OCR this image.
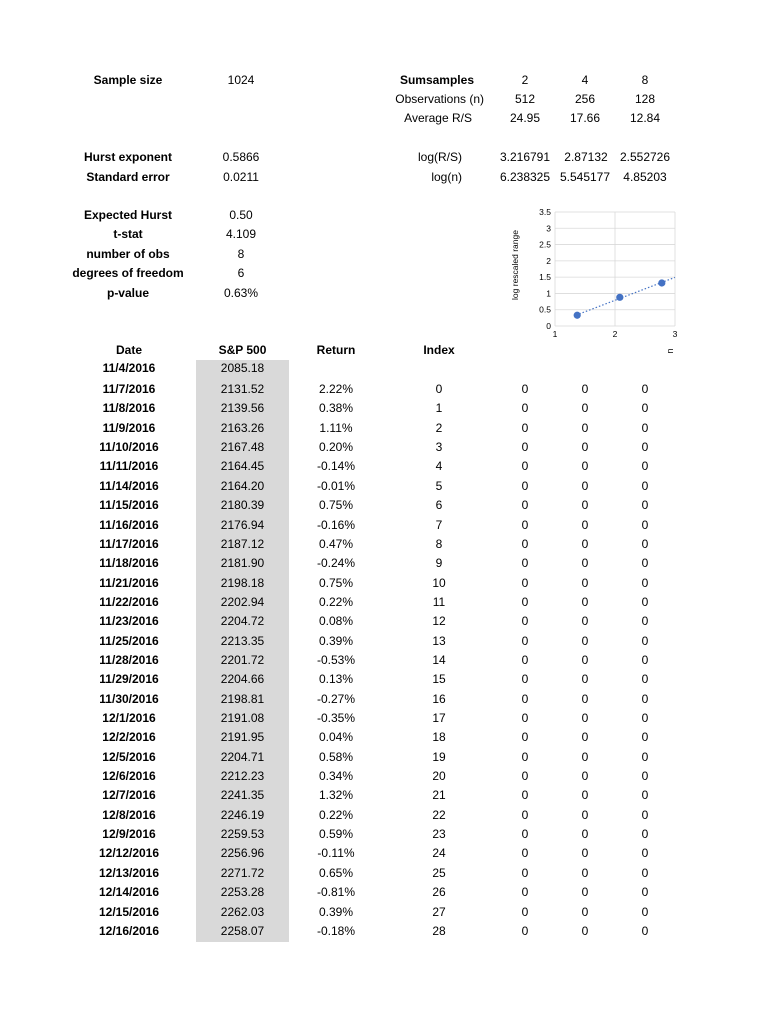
Sample size	1024
Hurst exponent	0.5866
Standard error	0.0211
Expected Hurst	0.50
t-stat	4.109
number of obs	8
degrees of freedom	6
p-value	0.63%
Sumsamples	2	4	8
Observations (n)	512	256	128
Average R/S	24.95	17.66	12.84
log(R/S)	3.216791	2.87132	2.552726
log(n)	6.238325 5.545177	4.85203
0
0.5
1
1.5
2
2.5
3
3.5
1	2	3
log rescaled range
n
Date	S&P 500	Return	Index
11/4/2016	2085.18
11/7/2016	2131.52	2.22%	0	0	0	0
11/8/2016	2139.56	0.38%	1	0	0	0
11/9/2016	2163.26	1.11%	2	0	0	0
11/10/2016	2167.48	0.20%	3	0	0	0
11/11/2016	2164.45	-0.14%	4	0	0	0
11/14/2016	2164.20	-0.01%	5	0	0	0
11/15/2016	2180.39	0.75%	6	0	0	0
11/16/2016	2176.94	-0.16%	7	0	0	0
11/17/2016	2187.12	0.47%	8	0	0	0
11/18/2016	2181.90	-0.24%	9	0	0	0
11/21/2016	2198.18	0.75%	10	0	0	0
11/22/2016	2202.94	0.22%	11	0	0	0
11/23/2016	2204.72	0.08%	12	0	0	0
11/25/2016	2213.35	0.39%	13	0	0	0
11/28/2016	2201.72	-0.53%	14	0	0	0
11/29/2016	2204.66	0.13%	15	0	0	0
11/30/2016	2198.81	-0.27%	16	0	0	0
12/1/2016	2191.08	-0.35%	17	0	0	0
12/2/2016	2191.95	0.04%	18	0	0	0
12/5/2016	2204.71	0.58%	19	0	0	0
12/6/2016	2212.23	0.34%	20	0	0	0
12/7/2016	2241.35	1.32%	21	0	0	0
12/8/2016	2246.19	0.22%	22	0	0	0
12/9/2016	2259.53	0.59%	23	0	0	0
12/12/2016	2256.96	-0.11%	24	0	0	0
12/13/2016	2271.72	0.65%	25	0	0	0
12/14/2016	2253.28	-0.81%	26	0	0	0
12/15/2016	2262.03	0.39%	27	0	0	0
12/16/2016	2258.07	-0.18%	28	0	0	0
